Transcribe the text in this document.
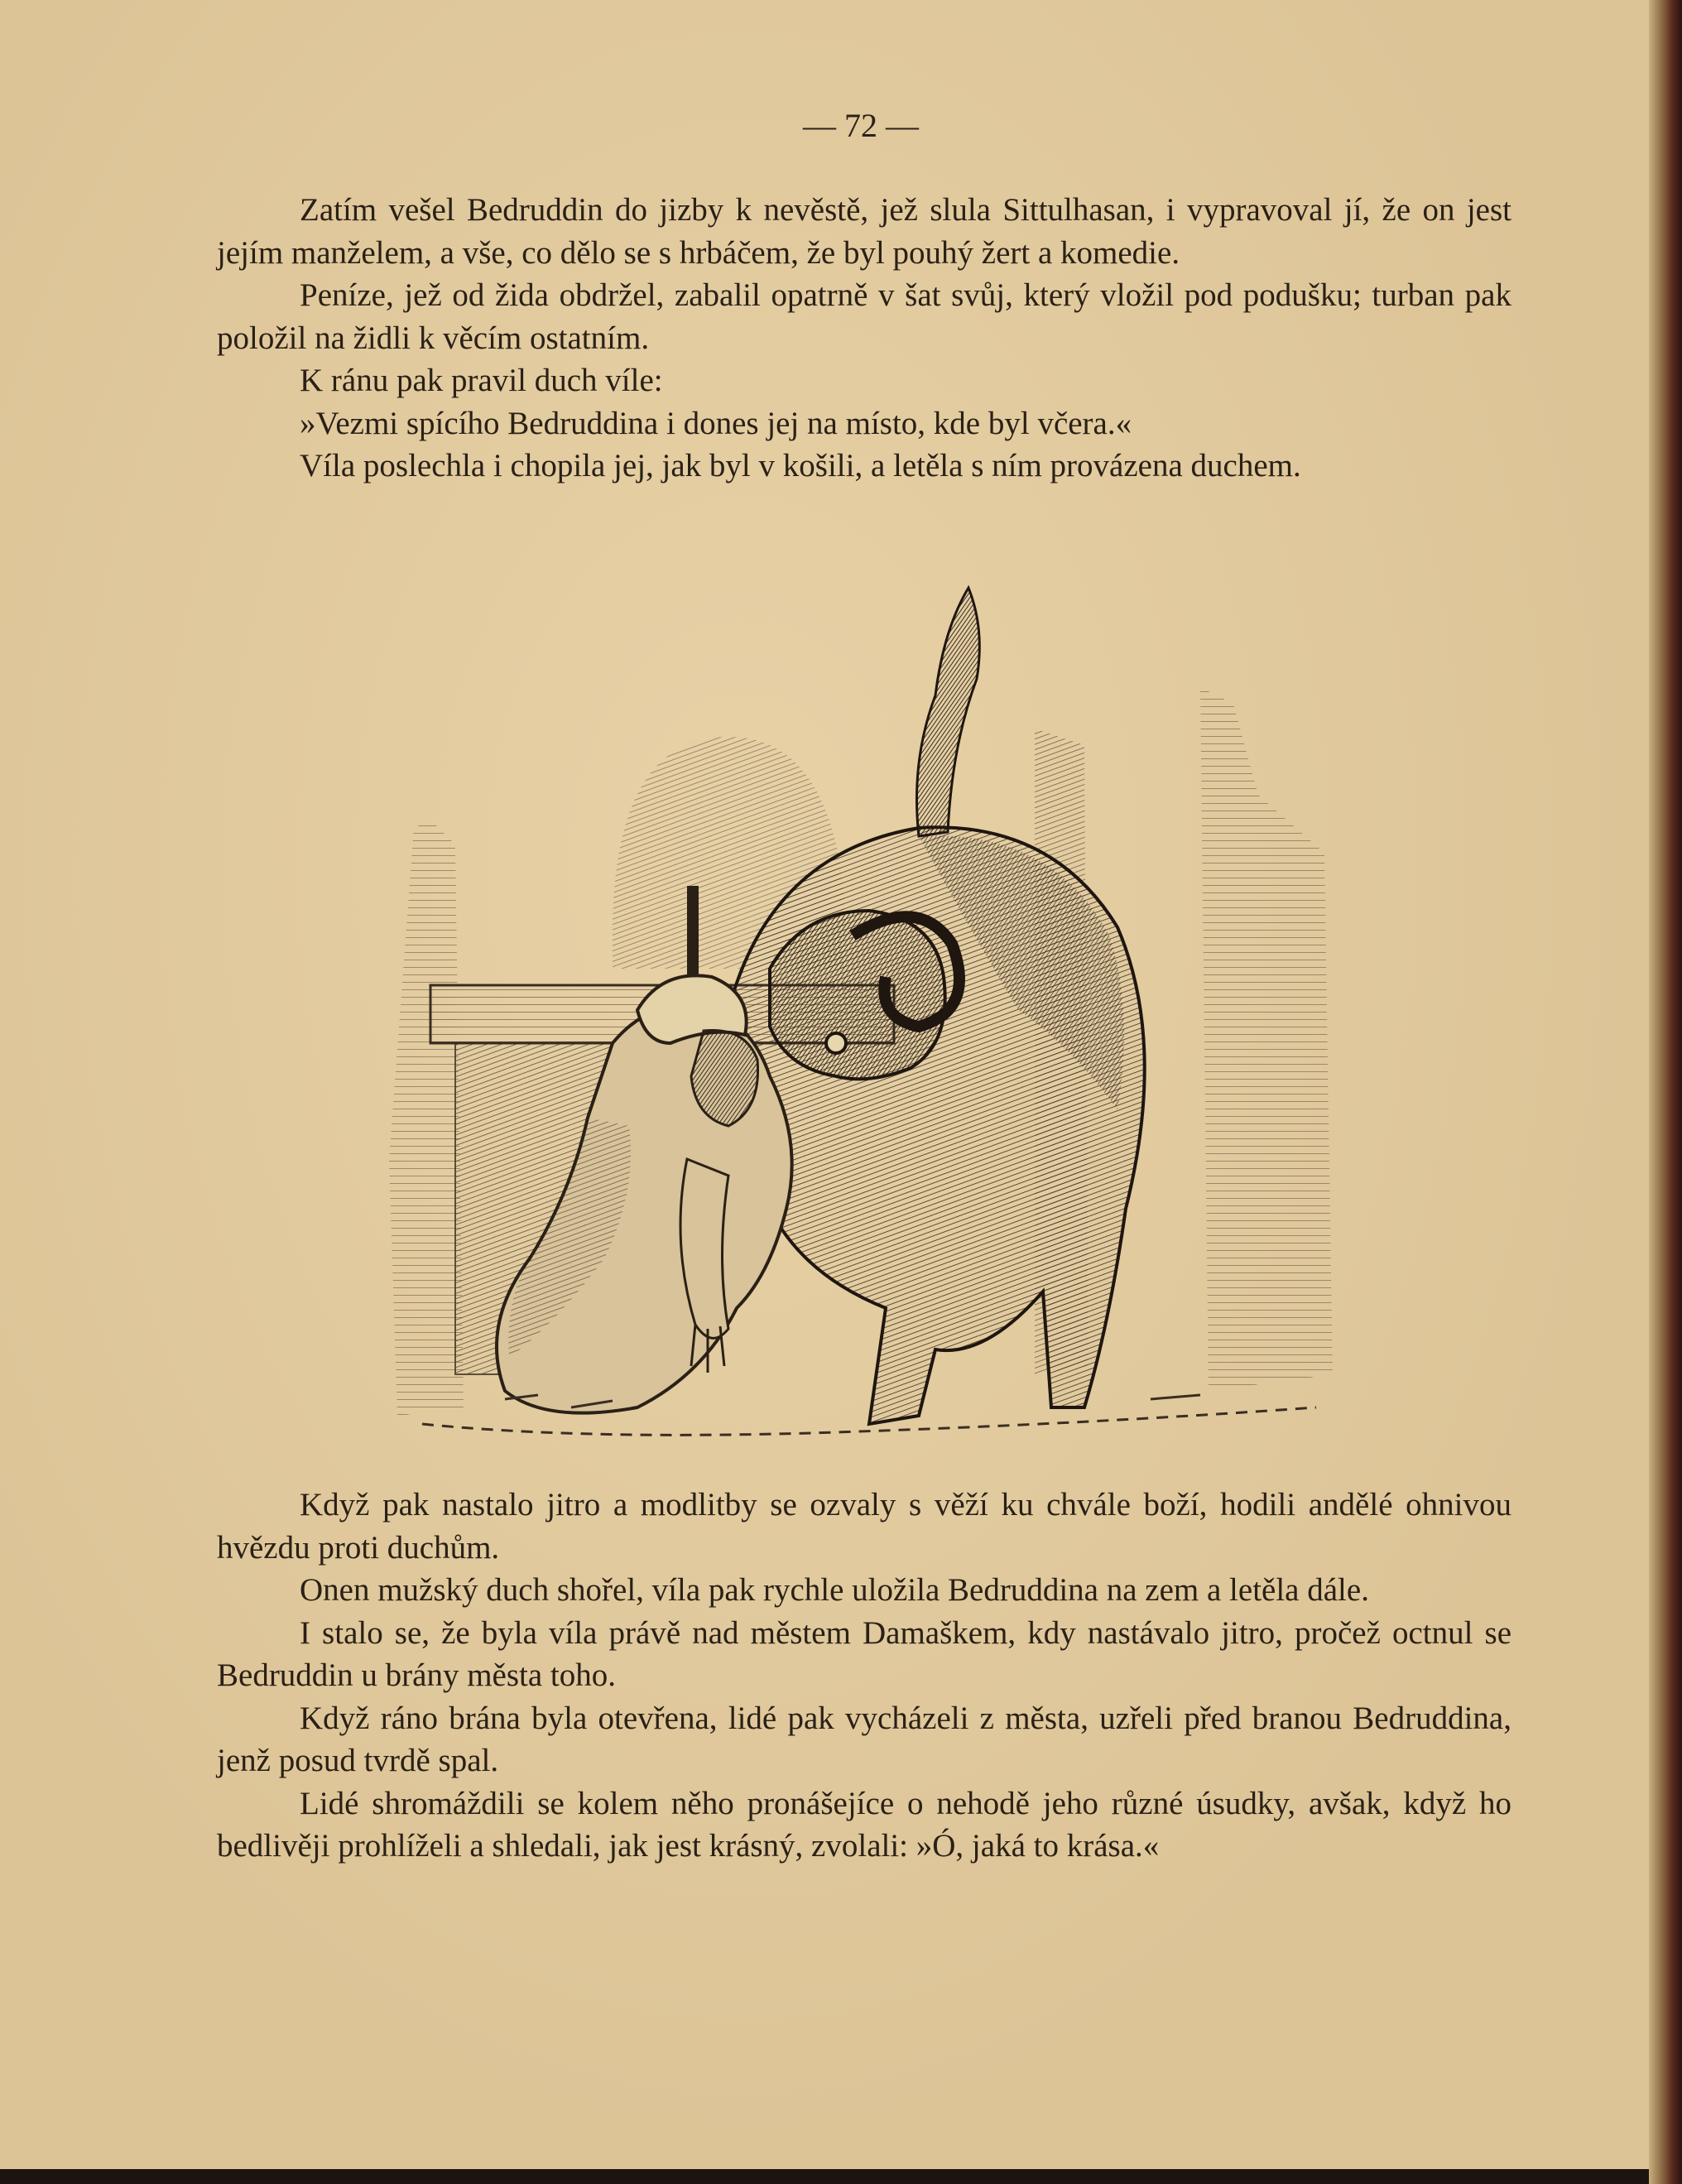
— 72 —

Zatím vešel Bedruddin do jizby k nevěstě, jež slula Sittulhasan, i vypravoval jí, že on jest jejím manželem, a vše, co dělo se s hrbáčem, že byl pouhý žert a komedie.

Peníze, jež od žida obdržel, zabalil opatrně v šat svůj, který vložil pod podušku; turban pak položil na židli k věcím ostatním.

K ránu pak pravil duch víle:

»Vezmi spícího Bedruddina i dones jej na místo, kde byl včera.«

Víla poslechla i chopila jej, jak byl v košili, a letěla s ním provázena duchem.

Když pak nastalo jitro a modlitby se ozvaly s věží ku chvále boží, hodili andělé ohnivou hvězdu proti duchům.

Onen mužský duch shořel, víla pak rychle uložila Bedruddina na zem a letěla dále.

I stalo se, že byla víla právě nad městem Damaškem, kdy nastávalo jitro, pročež octnul se Bedruddin u brány města toho.

Když ráno brána byla otevřena, lidé pak vycházeli z města, uzřeli před branou Bedruddina, jenž posud tvrdě spal.

Lidé shromáždili se kolem něho pronášejíce o nehodě jeho různé úsudky, avšak, když ho bedlivěji prohlíželi a shledali, jak jest krásný, zvolali: »Ó, jaká to krása.«
